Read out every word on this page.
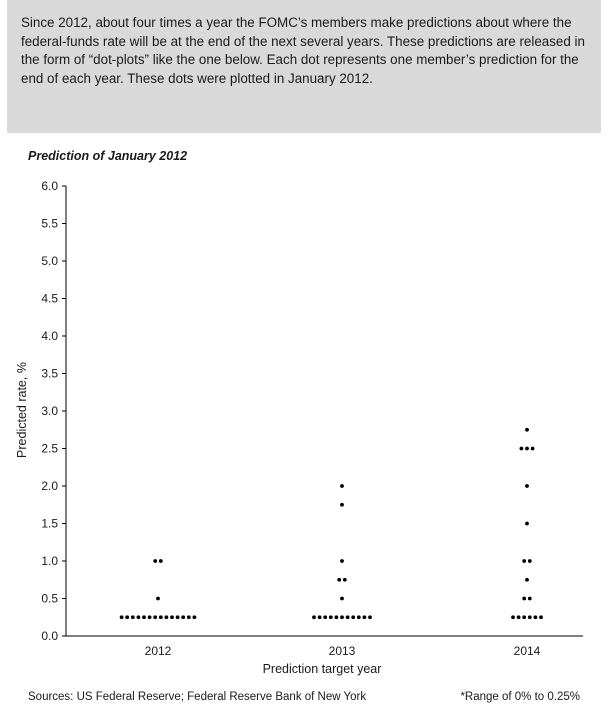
Since 2012, about four times a year the FOMC’s members make predictions about where the federal-funds rate will be at the end of the next several years. These predictions are released in the form of “dot-plots” like the one below. Each dot represents one member’s prediction for the end of each year. These dots were plotted in January 2012.
Prediction of January 2012
0.0
0.5
1.0
1.5
2.0
2.5
3.0
3.5
4.0
4.5
5.0
5.5
6.0
2012	2013	2014
Prediction target year
Predicted rate, %
Sources: US Federal Reserve; Federal Reserve Bank of New York	*Range of 0% to 0.25%
